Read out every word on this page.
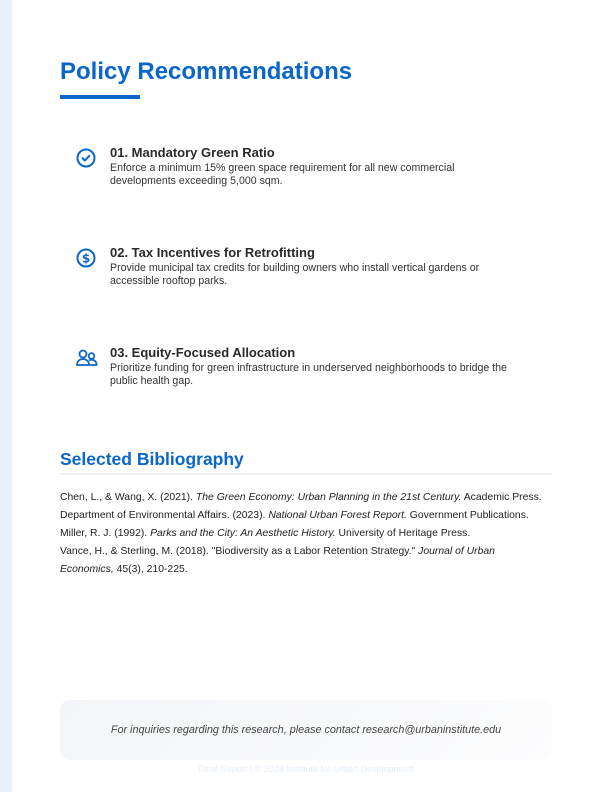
Policy Recommendations
01. Mandatory Green Ratio

Enforce a minimum 15% green space requirement for all new commercial developments exceeding 5,000 sqm.

$ 02. Tax Incentives for Retrofitting

Provide municipal tax credits for building owners who install vertical gardens or accessible rooftop parks.

03. Equity-Focused Allocation

Prioritize funding for green infrastructure in underserved neighborhoods to bridge the public health gap.

Selected Bibliography
Chen, L., & Wang, X. (2021). The Green Economy: Urban Planning in the 21st Century. Academic Press.
Department of Environmental Affairs. (2023). National Urban Forest Report. Government Publications.
Miller, R. J. (1992). Parks and the City: An Aesthetic History. University of Heritage Press.
Vance, H., & Sterling, M. (2018). "Biodiversity as a Labor Retention Strategy." Journal of Urban Economics, 45(3), 210-225.
For inquiries regarding this research, please contact research@urbaninstitute.edu
Final Report | © 2024 Institute for Urban Development
